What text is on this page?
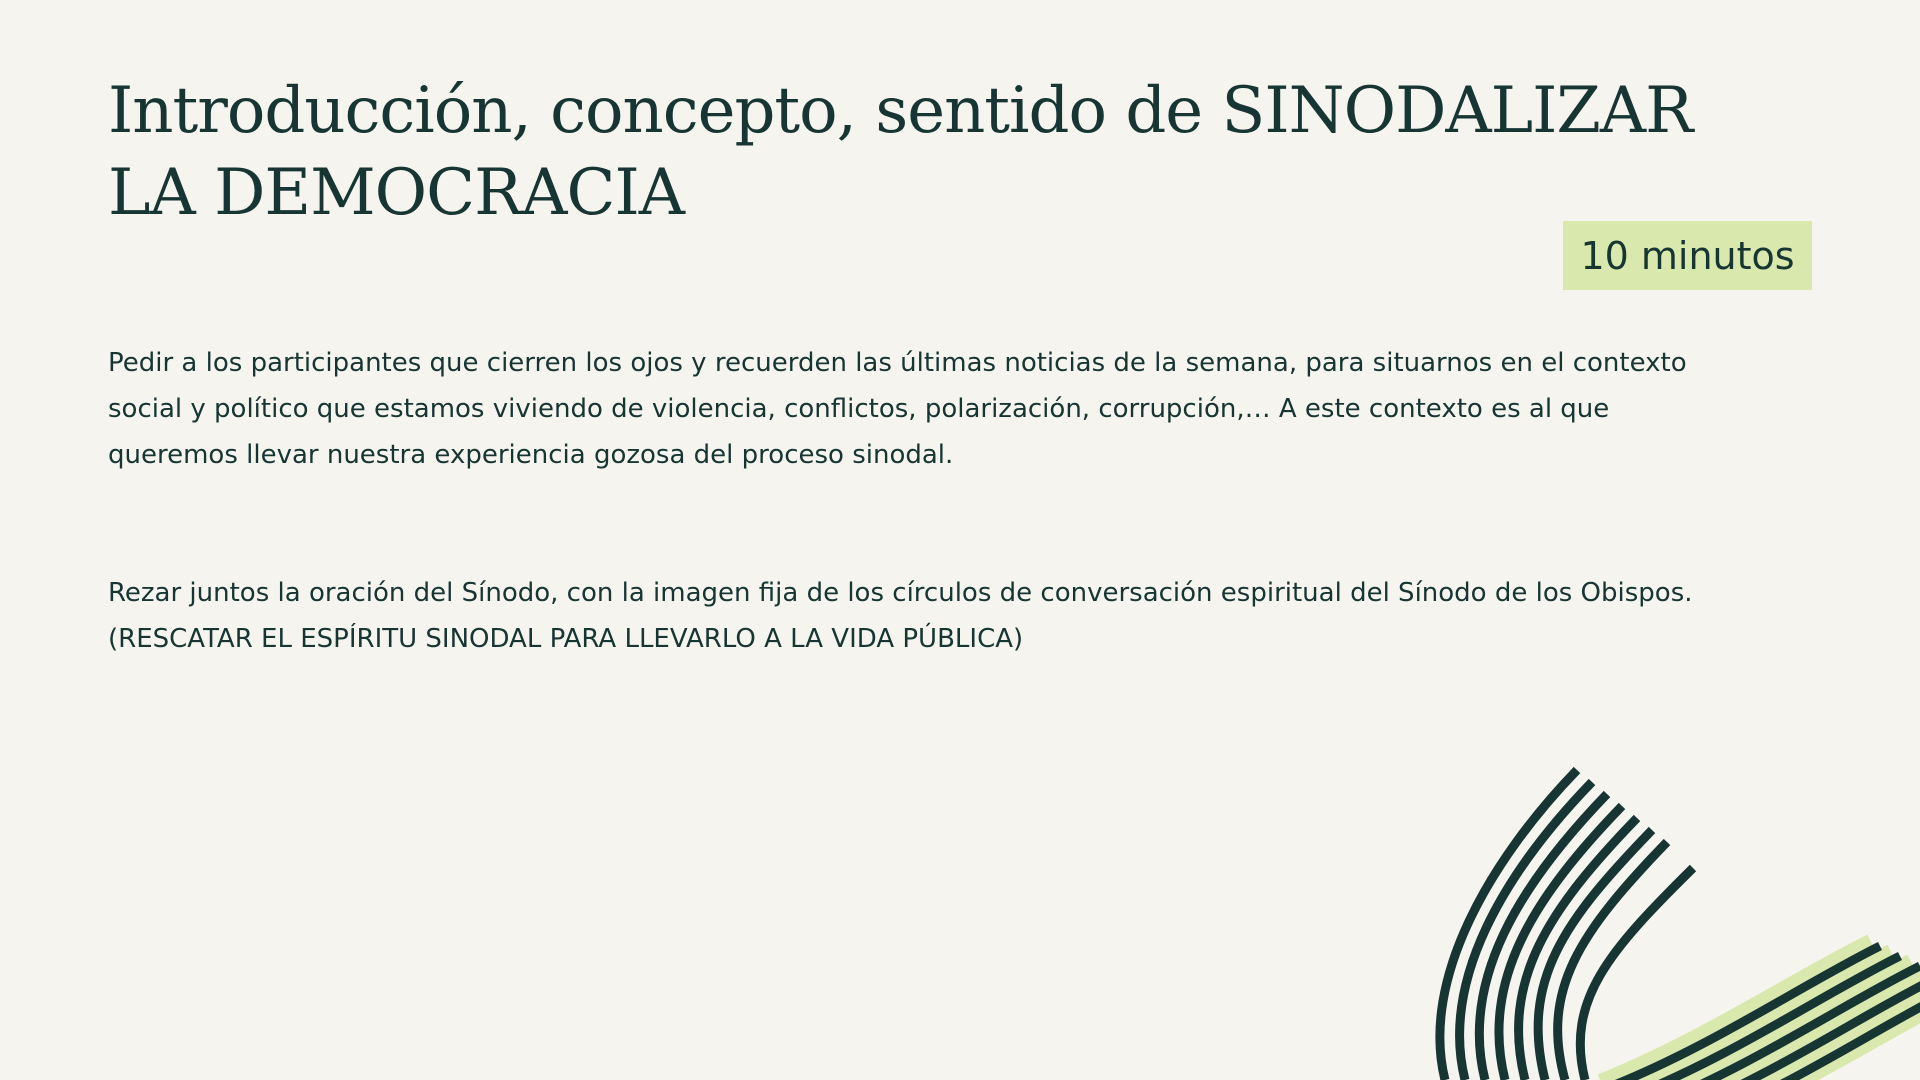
Introducción, concepto, sentido de SINODALIZAR LA DEMOCRACIA
10 minutos

Pedir a los participantes que cierren los ojos y recuerden las últimas noticias de la semana, para situarnos en el contexto social y político que estamos viviendo de violencia, conflictos, polarización, corrupción,… A este contexto es al que queremos llevar nuestra experiencia gozosa del proceso sinodal.

Rezar juntos la oración del Sínodo, con la imagen fija de los círculos de conversación espiritual del Sínodo de los Obispos. (RESCATAR EL ESPÍRITU SINODAL PARA LLEVARLO A LA VIDA PÚBLICA)
